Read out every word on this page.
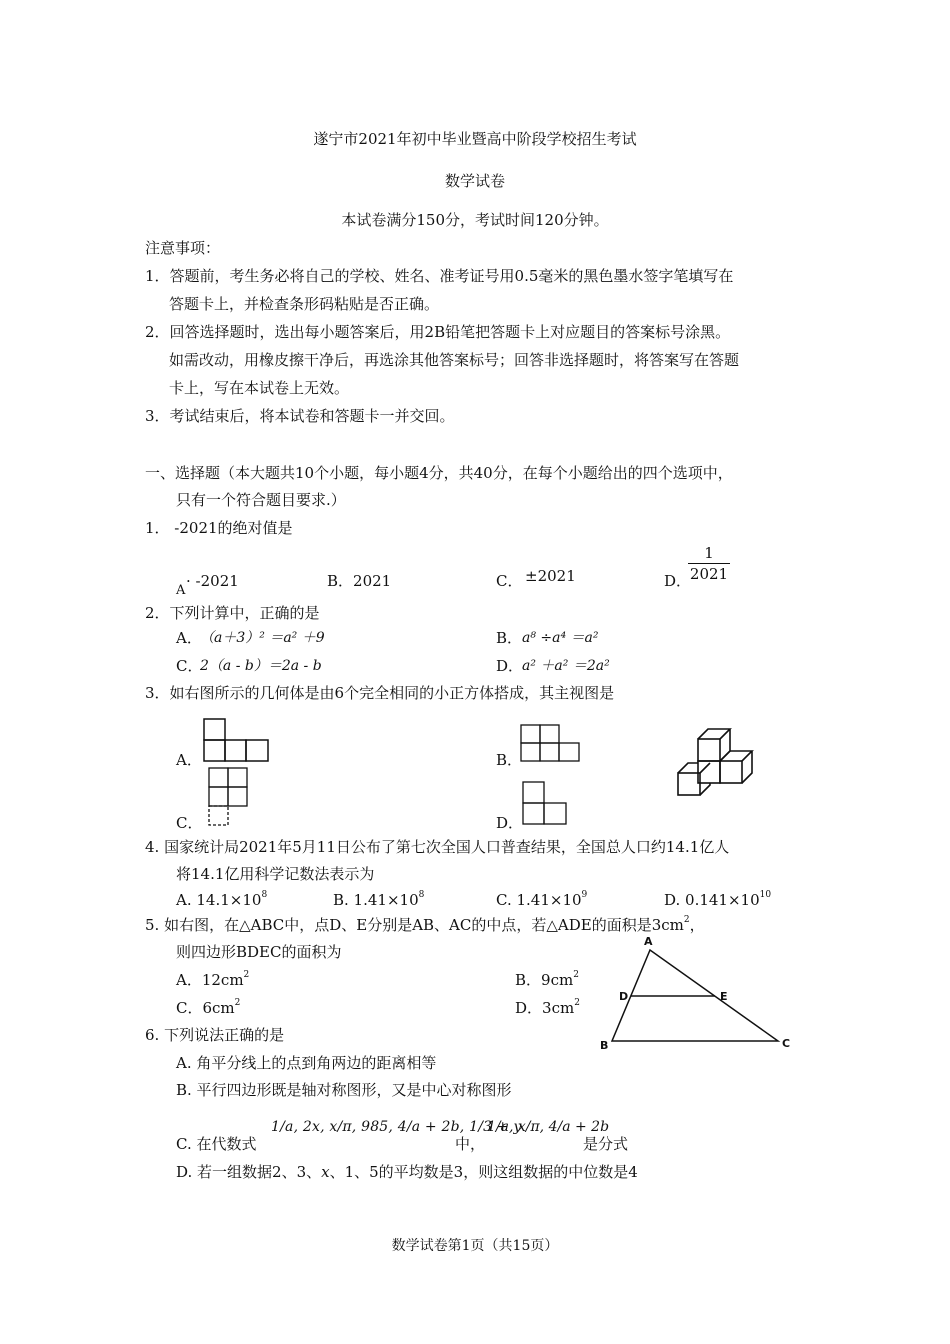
遂宁市2021年初中毕业暨高中阶段学校招生考试
数学试卷
本试卷满分150分，考试时间120分钟。
注意事项：
1．答题前，考生务必将自己的学校、姓名、准考证号用0.5毫米的黑色墨水签字笔填写在
答题卡上，并检查条形码粘贴是否正确。
2．回答选择题时，选出每小题答案后，用2B铅笔把答题卡上对应题目的答案标号涂黑。
如需改动，用橡皮擦干净后，再选涂其他答案标号；回答非选择题时，将答案写在答题
卡上，写在本试卷上无效。
3．考试结束后，将本试卷和答题卡一并交回。
一、选择题（本大题共10个小题，每小题4分，共40分，在每个小题给出的四个选项中，
只有一个符合题目要求.）
1． -2021的绝对值是
A
· -2021	B．2021	C． ±2021	D．
1
2021
2．下列计算中，正确的是
A．
（a＋3）² ＝a² ＋9	B． a⁸ ÷a⁴ ＝a²
C．
2（a - b）＝2a - b	D．
a² ＋a² ＝2a²
3．如右图所示的几何体是由6个完全相同的小正方体搭成，其主视图是
A．	B．
C．	D．
4. 国家统计局2021年5月11日公布了第七次全国人口普查结果，全国总人口约14.1亿人
将14.1亿用科学记数法表示为
A. $14.1\times 10^8$	B. $1.41\times 10^8$	C. $1.41\times 10^9$	D. $0.141\times 10^{10}$
5. 如右图，在△ABC中，点D、E分别是AB、AC的中点，若△ADE的面积是$3cm^2$，
则四边形BDEC的面积为
A．$12cm^2$	B．$9cm^2$
C．$6cm^2$	D．$3cm^2$
A
B	C
D	E
6. 下列说法正确的是
A. 角平分线上的点到角两边的距离相等
B. 平行四边形既是轴对称图形，又是中心对称图形
C. 在代数式
1/a, 2x, x/π, 985, 4/a + 2b, 1/3 + y
中，
1/a, x/π, 4/a + 2b
是分式
D. 若一组数据2、3、x、1、5的平均数是3，则这组数据的中位数是4
数学试卷第1页（共15页）
